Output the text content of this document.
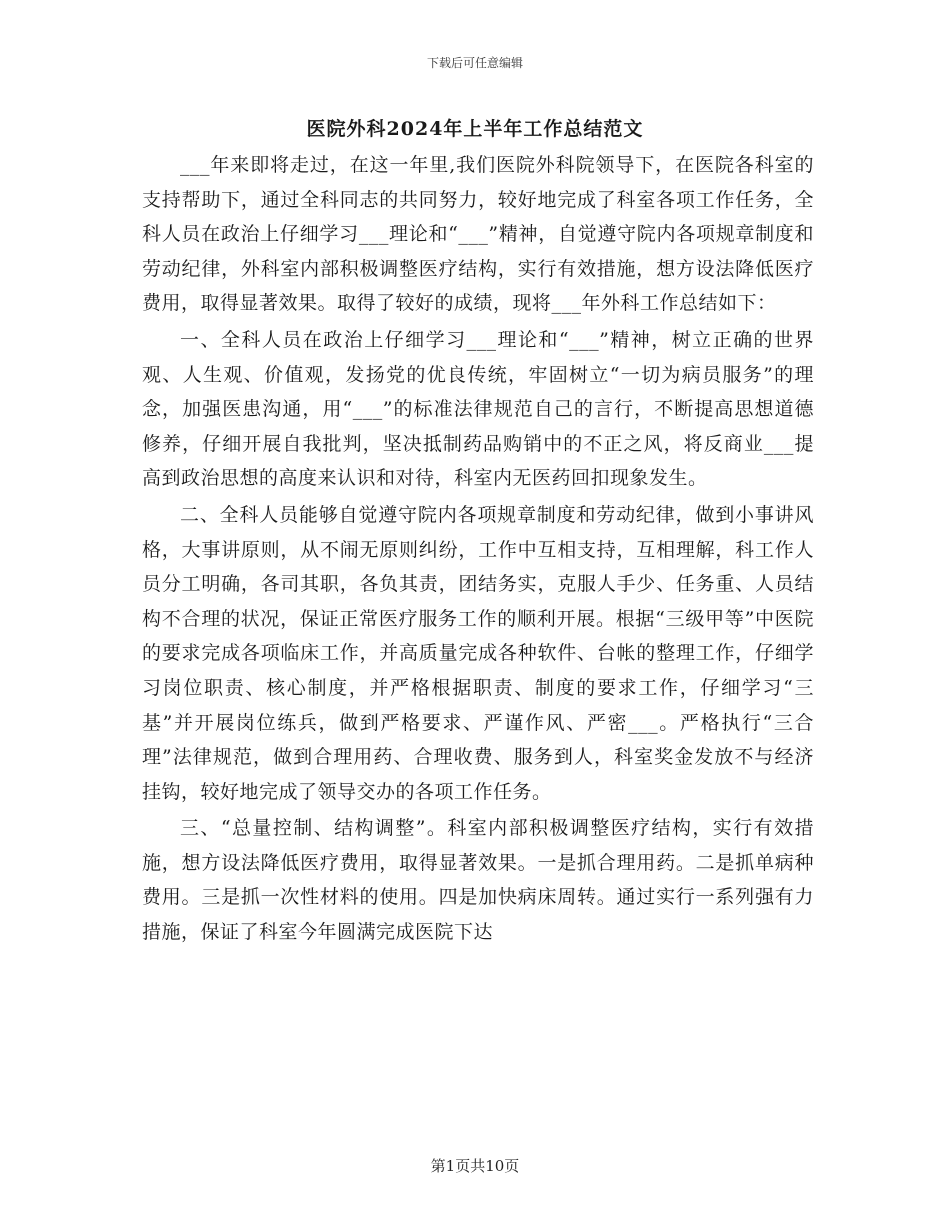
下载后可任意编辑
医院外科2024年上半年工作总结范文

___年来即将走过，在这一年里,我们医院外科院领导下，在医院各科室的支持帮助下，通过全科同志的共同努力，较好地完成了科室各项工作任务，全科人员在政治上仔细学习___理论和“___”精神，自觉遵守院内各项规章制度和劳动纪律，外科室内部积极调整医疗结构，实行有效措施，想方设法降低医疗费用，取得显著效果。取得了较好的成绩，现将___年外科工作总结如下：

一、全科人员在政治上仔细学习___理论和“___”精神，树立正确的世界观、人生观、价值观，发扬党的优良传统，牢固树立“一切为病员服务”的理念，加强医患沟通，用“___”的标准法律规范自己的言行，不断提高思想道德修养，仔细开展自我批判，坚决抵制药品购销中的不正之风，将反商业___提高到政治思想的高度来认识和对待，科室内无医药回扣现象发生。

二、全科人员能够自觉遵守院内各项规章制度和劳动纪律，做到小事讲风格，大事讲原则，从不闹无原则纠纷，工作中互相支持，互相理解，科工作人员分工明确，各司其职，各负其责，团结务实，克服人手少、任务重、人员结构不合理的状况，保证正常医疗服务工作的顺利开展。根据“三级甲等”中医院的要求完成各项临床工作，并高质量完成各种软件、台帐的整理工作，仔细学习岗位职责、核心制度，并严格根据职责、制度的要求工作，仔细学习“三基”并开展岗位练兵，做到严格要求、严谨作风、严密___。严格执行“三合理”法律规范，做到合理用药、合理收费、服务到人，科室奖金发放不与经济挂钩，较好地完成了领导交办的各项工作任务。

三、“总量控制、结构调整”。科室内部积极调整医疗结构，实行有效措施，想方设法降低医疗费用，取得显著效果。一是抓合理用药。二是抓单病种费用。三是抓一次性材料的使用。四是加快病床周转。通过实行一系列强有力措施，保证了科室今年圆满完成医院下达

第1页共10页
